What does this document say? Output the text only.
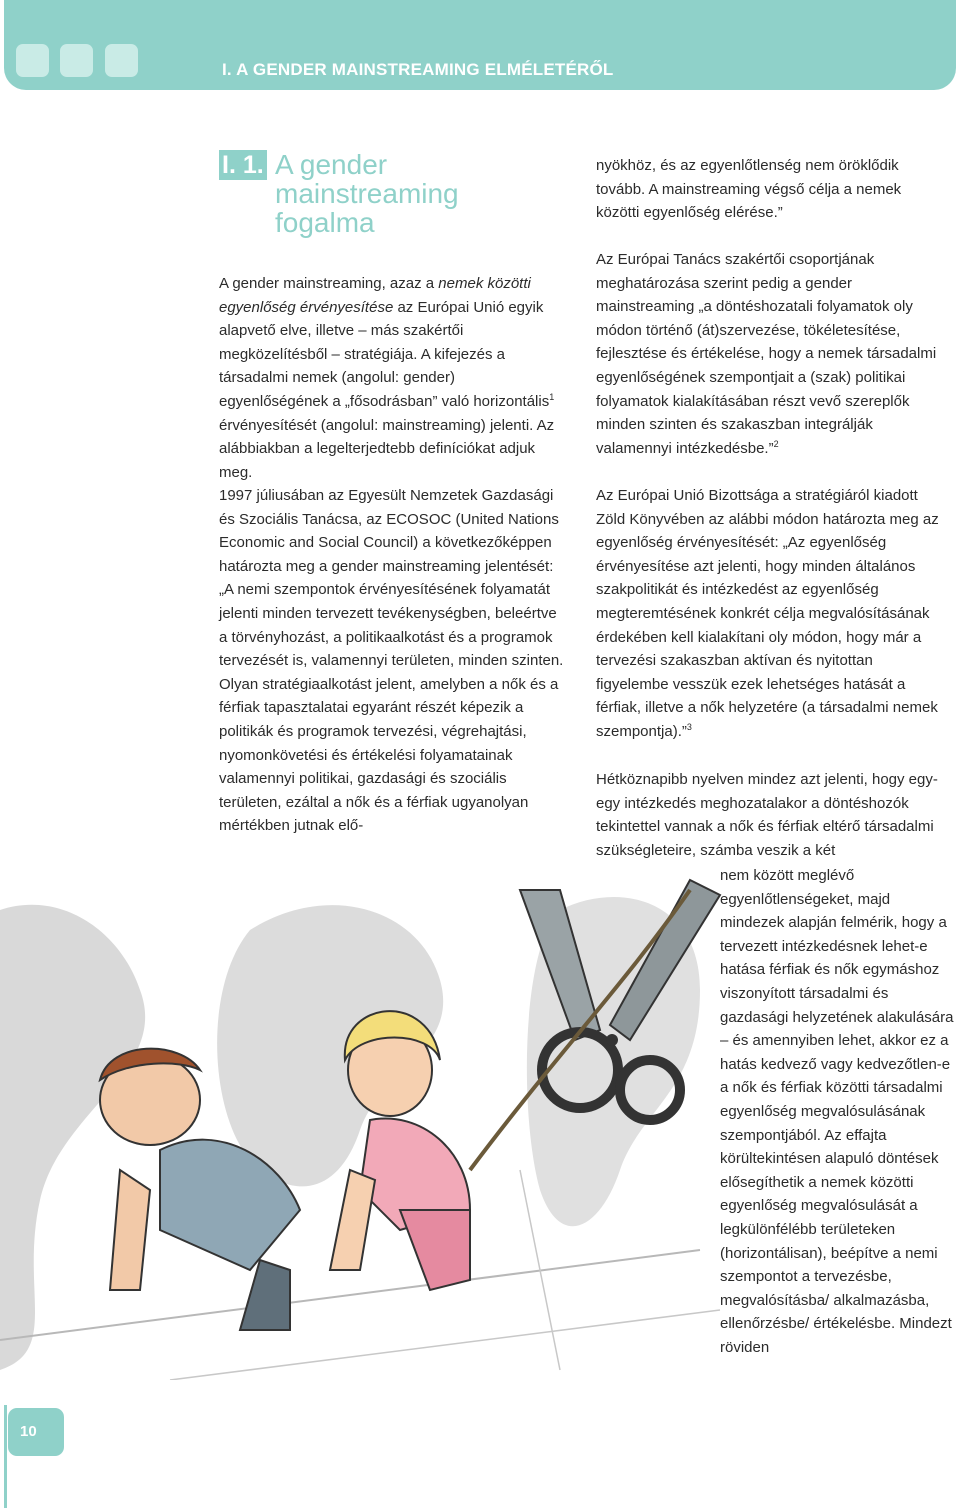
I. A GENDER MAINSTREAMING ELMÉLETÉRŐL
I. 1. A gender mainstreaming fogalma

A gender mainstreaming, azaz a nemek közötti egyenlőség érvényesítése az Európai Unió egyik alapvető elve, illetve – más szakértői megközelítésből – stratégiája. A kifejezés a társadalmi nemek (angolul: gender) egyenlőségének a „fősodrásban” való horizontális$^1$ érvényesítését (angolul: mainstreaming) jelenti. Az alábbiakban a legelterjedtebb definíciókat adjuk meg.

1997 júliusában az Egyesült Nemzetek Gazdasági és Szociális Tanácsa, az ECOSOC (United Nations Economic and Social Council) a következőképpen határozta meg a gender mainstreaming jelentését: „A nemi szempontok érvényesítésének folyamatát jelenti minden tervezett tevékenységben, beleértve a törvényhozást, a politikaalkotást és a programok tervezését is, valamennyi területen, minden szinten. Olyan stratégiaalkotást jelent, amelyben a nők és a férfiak tapasztalatai egyaránt részét képezik a politikák és programok tervezési, végrehajtási, nyomonkövetési és értékelési folyamatainak valamennyi politikai, gazdasági és szociális területen, ezáltal a nők és a férfiak ugyanolyan mértékben jutnak elő-
nyökhöz, és az egyenlőtlenség nem öröklődik tovább. A mainstreaming végső célja a nemek közötti egyenlőség elérése.”

Az Európai Tanács szakértői csoportjának meghatározása szerint pedig a gender mainstreaming „a döntéshozatali folyamatok oly módon történő (át)szervezése, tökéletesítése, fejlesztése és értékelése, hogy a nemek társadalmi egyenlőségének szempontjait a (szak) politikai folyamatok kialakításában részt vevő szereplők minden szinten és szakaszban integrálják valamennyi intézkedésbe.”$^2$

Az Európai Unió Bizottsága a stratégiáról kiadott Zöld Könyvében az alábbi módon határozta meg az egyenlőség érvényesítését: „Az egyenlőség érvényesítése azt jelenti, hogy minden általános szakpolitikát és intézkedést az egyenlőség megteremtésének konkrét célja megvalósításának érdekében kell kialakítani oly módon, hogy már a tervezési szakaszban aktívan és nyitottan figyelembe vesszük ezek lehetséges hatását a férfiak, illetve a nők helyzetére (a társadalmi nemek szempontja).”$^3$

Hétköznapibb nyelven mindez azt jelenti, hogy egy-egy intézkedés meghozatalakor a döntéshozók tekintettel vannak a nők és férfiak eltérő társadalmi szükségleteire, számba veszik a két
nem között meglévő egyenlőtlenségeket, majd mindezek alapján felmérik, hogy a tervezett intézkedésnek lehet-e hatása férfiak és nők egymáshoz viszonyított társadalmi és gazdasági helyzetének alakulására – és amennyiben lehet, akkor ez a hatás kedvező vagy kedvezőtlen-e a nők és férfiak közötti társadalmi egyenlőség megvalósulásának szempontjából. Az effajta körültekintésen alapuló döntések elősegíthetik a nemek közötti egyenlőség megvalósulását a legkülönfélébb területeken (horizontálisan), beépítve a nemi szempontot a tervezésbe, megvalósításba/ alkalmazásba, ellenőrzésbe/ értékelésbe. Mindezt röviden
10
